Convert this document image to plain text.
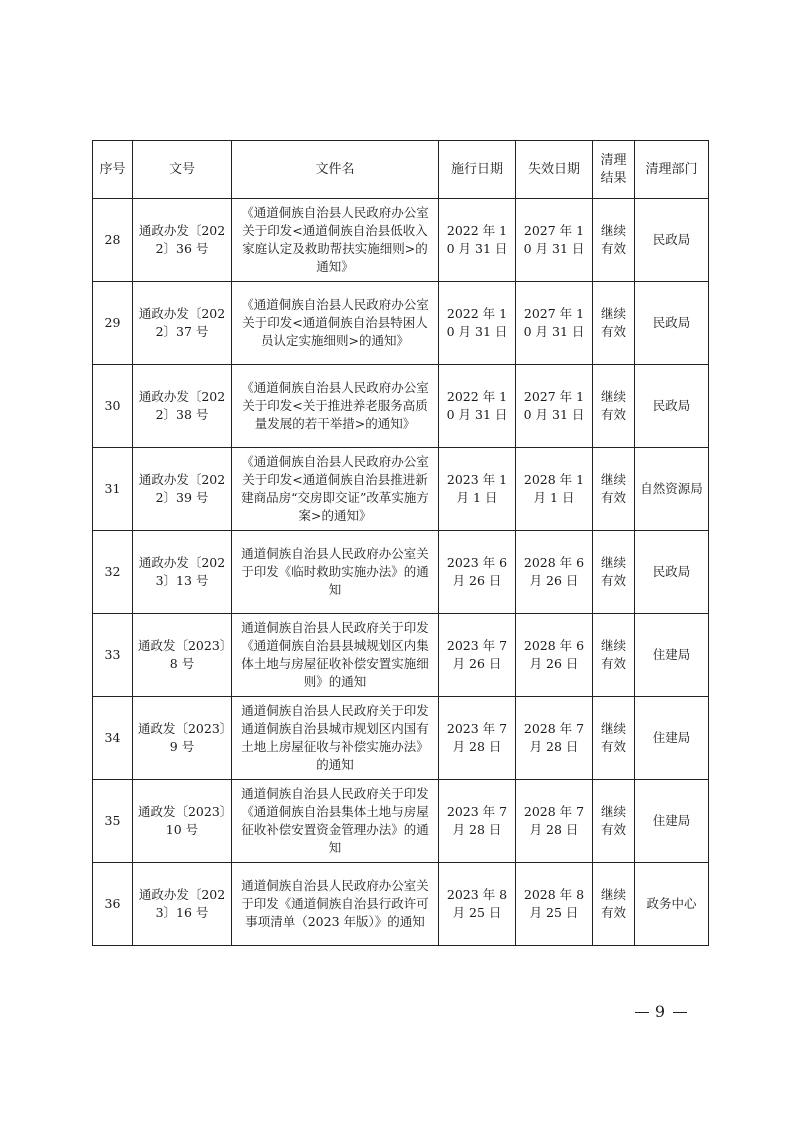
序号	文号	文件名	施行日期	失效日期	清理结果	清理部门
28	通政办发〔2022〕36 号	《通道侗族自治县人民政府办公室关于印发<通道侗族自治县低收入家庭认定及救助帮扶实施细则>的通知》	2022 年 10 月 31 日	2027 年 10 月 31 日	继续有效	民政局
29	通政办发〔2022〕37 号	《通道侗族自治县人民政府办公室关于印发<通道侗族自治县特困人员认定实施细则>的通知》	2022 年 10 月 31 日	2027 年 10 月 31 日	继续有效	民政局
30	通政办发〔2022〕38 号	《通道侗族自治县人民政府办公室关于印发<关于推进养老服务高质量发展的若干举措>的通知》	2022 年 10 月 31 日	2027 年 10 月 31 日	继续有效	民政局
31	通政办发〔2022〕39 号	《通道侗族自治县人民政府办公室关于印发<通道侗族自治县推进新建商品房“交房即交证”改革实施方案>的通知》	2023 年 1 月 1 日	2028 年 1 月 1 日	继续有效	自然资源局
32	通政办发〔2023〕13 号	通道侗族自治县人民政府办公室关于印发《临时救助实施办法》的通知	2023 年 6 月 26 日	2028 年 6 月 26 日	继续有效	民政局
33	通政发〔2023〕8 号	通道侗族自治县人民政府关于印发《通道侗族自治县县城规划区内集体土地与房屋征收补偿安置实施细则》的通知	2023 年 7 月 26 日	2028 年 6 月 26 日	继续有效	住建局
34	通政发〔2023〕9 号	通道侗族自治县人民政府关于印发通道侗族自治县城市规划区内国有土地上房屋征收与补偿实施办法》的通知	2023 年 7 月 28 日	2028 年 7 月 28 日	继续有效	住建局
35	通政发〔2023〕10 号	通道侗族自治县人民政府关于印发《通道侗族自治县集体土地与房屋征收补偿安置资金管理办法》的通知	2023 年 7 月 28 日	2028 年 7 月 28 日	继续有效	住建局
36	通政办发〔2023〕16 号	通道侗族自治县人民政府办公室关于印发《通道侗族自治县行政许可事项清单（2023 年版）》的通知	2023 年 8 月 25 日	2028 年 8 月 25 日	继续有效	政务中心
9
